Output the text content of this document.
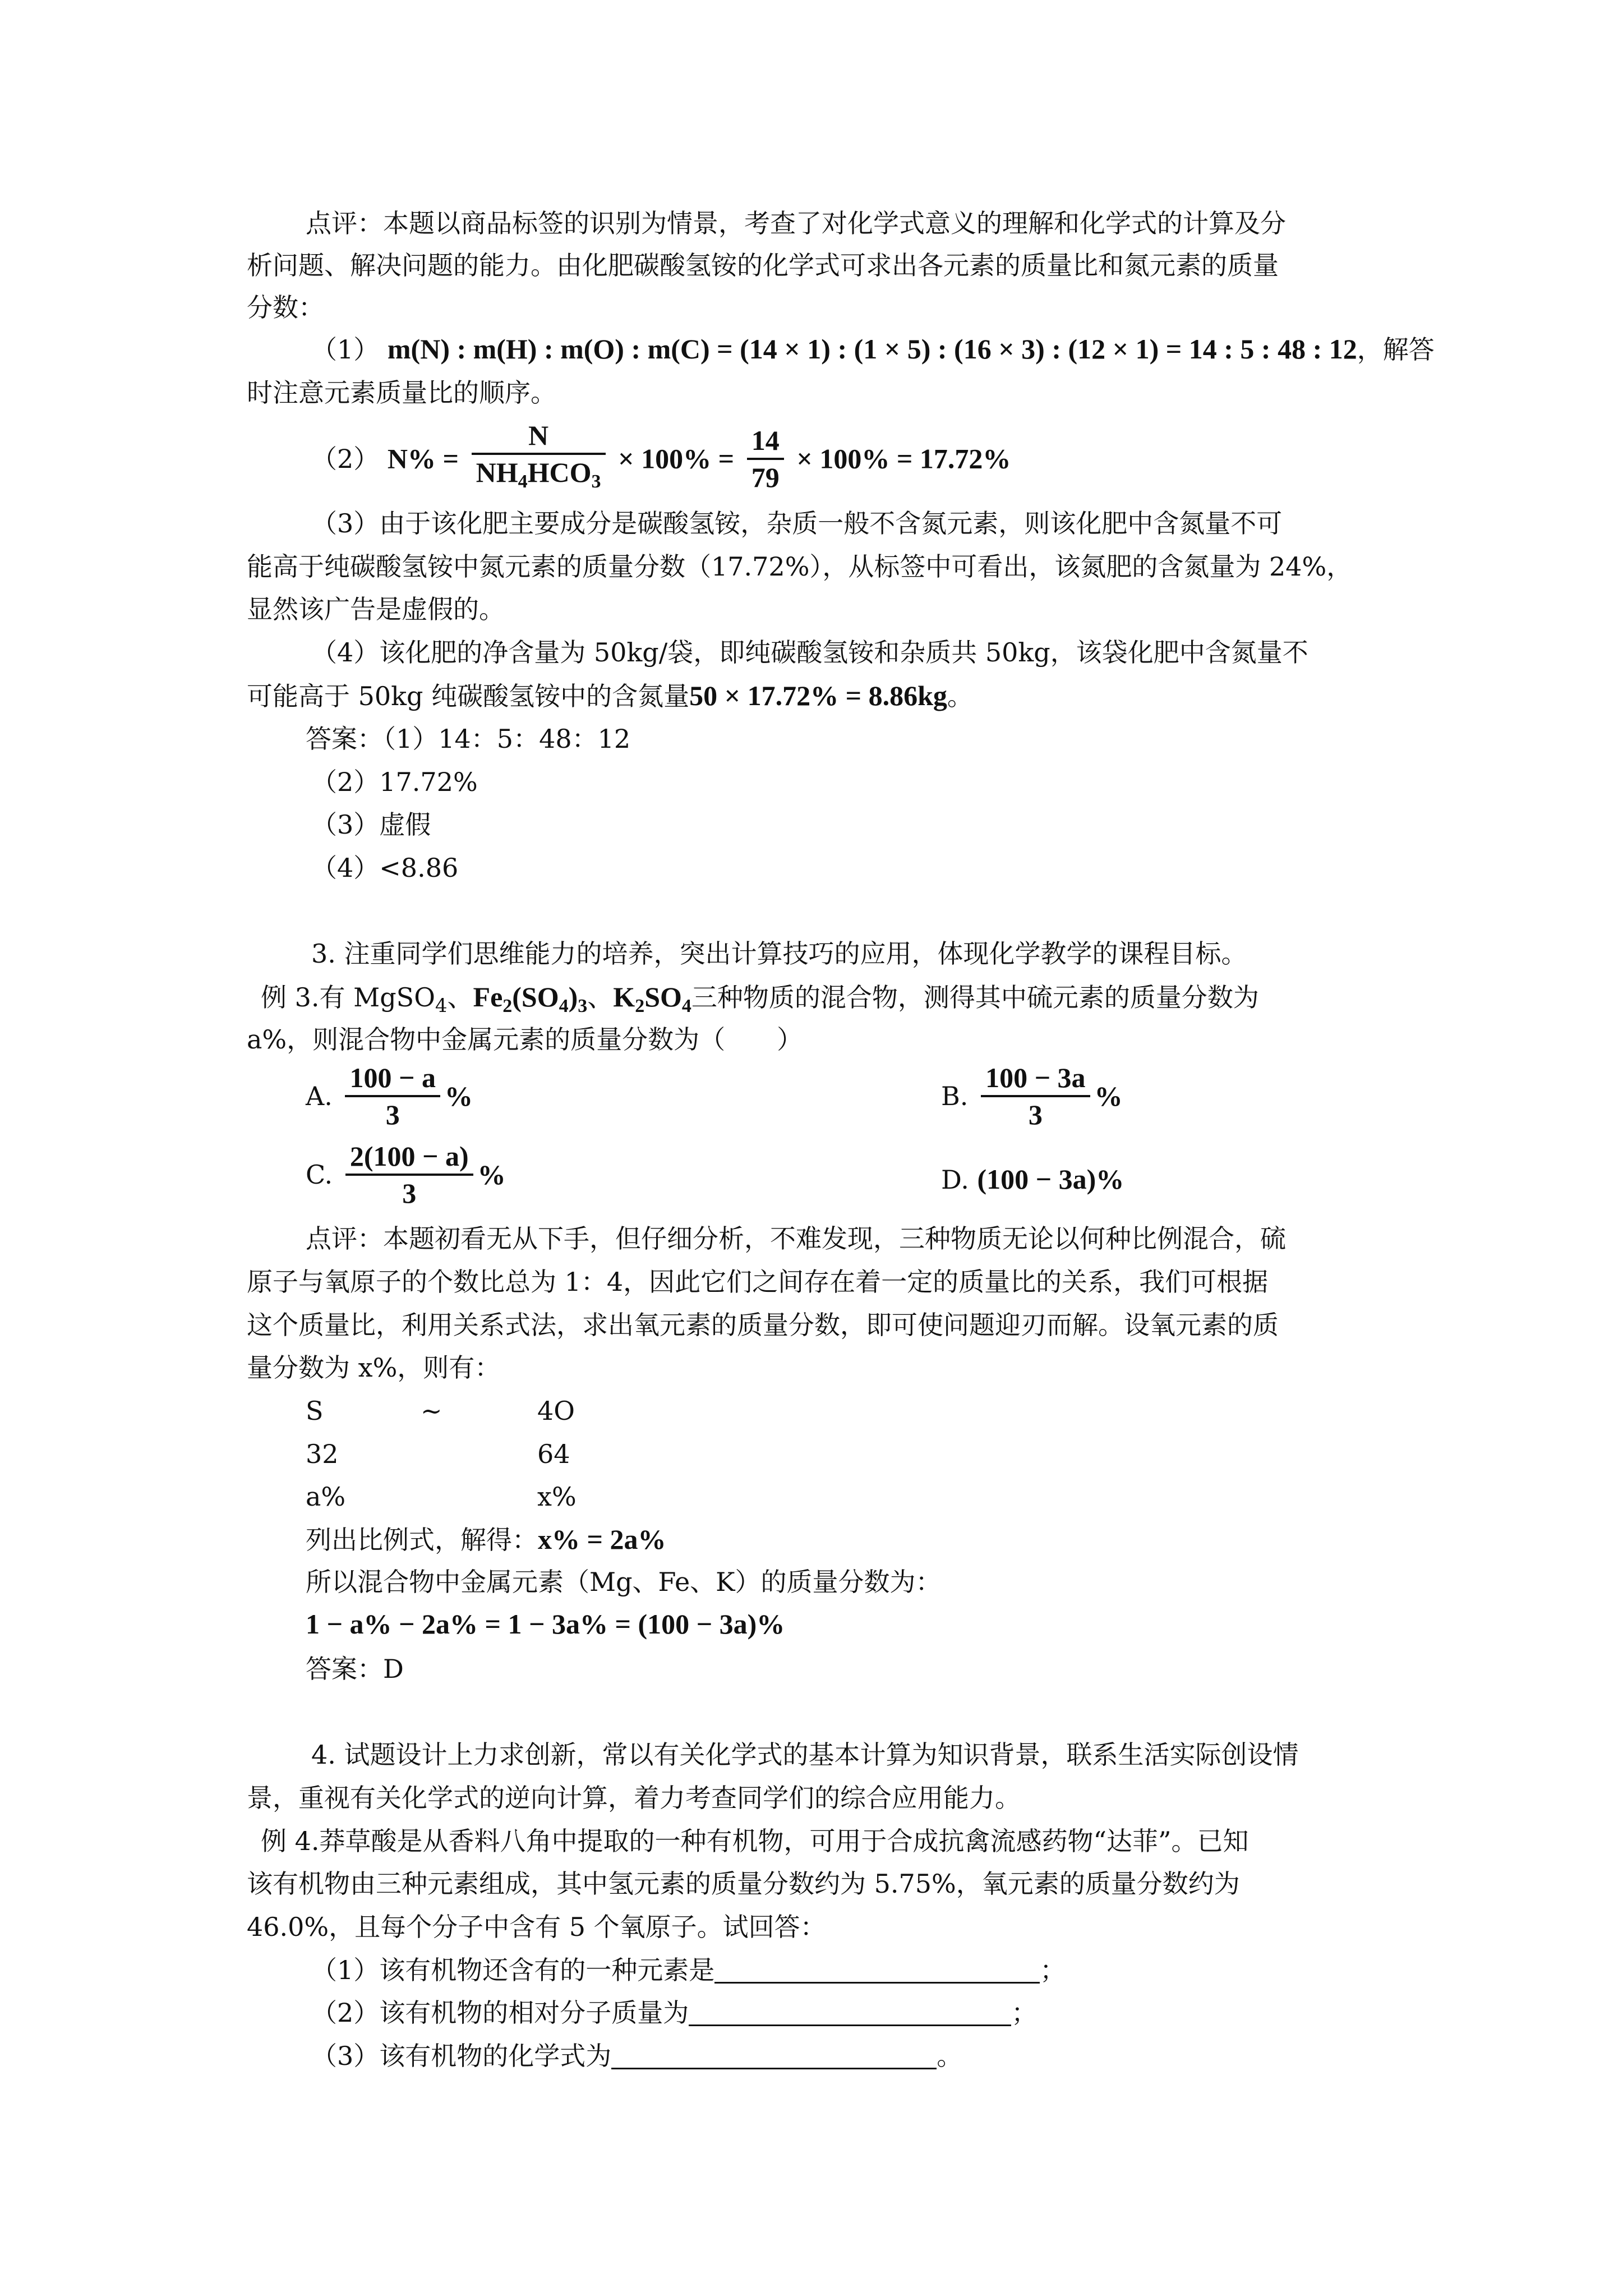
点评：本题以商品标签的识别为情景，考查了对化学式意义的理解和化学式的计算及分
析问题、解决问题的能力。由化肥碳酸氢铵的化学式可求出各元素的质量比和氮元素的质量
分数：
（1） m(N) : m(H) : m(O) : m(C) = (14 × 1) : (1 × 5) : (16 × 3) : (12 × 1) = 14 : 5 : 48 : 12，解答
时注意元素质量比的顺序。
（2） $N\% = \frac{N}{NH_4HCO_3} \times 100\% = \frac{14}{79} \times 100\% = 17.72\%$
（3）由于该化肥主要成分是碳酸氢铵，杂质一般不含氮元素，则该化肥中含氮量不可
能高于纯碳酸氢铵中氮元素的质量分数（17.72%），从标签中可看出，该氮肥的含氮量为 24%，
显然该广告是虚假的。
（4）该化肥的净含量为 50kg/袋，即纯碳酸氢铵和杂质共 50kg，该袋化肥中含氮量不
可能高于 50kg 纯碳酸氢铵中的含氮量50 × 17.72% = 8.86kg。
答案：（1）14：5：48：12
（2）17.72%
（3）虚假
（4）<8.86
3. 注重同学们思维能力的培养，突出计算技巧的应用，体现化学教学的课程目标。
例 3.有 MgSO$_4$、$Fe_2(SO_4)_3$、$K_2SO_4$三种物质的混合物，测得其中硫元素的质量分数为
a%，则混合物中金属元素的质量分数为（　　）
A. $\frac{100 - a}{3}$ %	B. $\frac{100 - 3a}{3}$ %
C. $\frac{2(100 - a)}{3}$ %	D. (100 − 3a)%
点评：本题初看无从下手，但仔细分析，不难发现，三种物质无论以何种比例混合，硫
原子与氧原子的个数比总为 1：4，因此它们之间存在着一定的质量比的关系，我们可根据
这个质量比，利用关系式法，求出氧元素的质量分数，即可使问题迎刃而解。设氧元素的质
量分数为 x%，则有：
S	~	4O
32	64
a%	x%
列出比例式，解得：x% = 2a%
所以混合物中金属元素（Mg、Fe、K）的质量分数为：
1 − a% − 2a% = 1 − 3a% = (100 − 3a)%
答案：D
4. 试题设计上力求创新，常以有关化学式的基本计算为知识背景，联系生活实际创设情
景，重视有关化学式的逆向计算，着力考查同学们的综合应用能力。
例 4.莽草酸是从香料八角中提取的一种有机物，可用于合成抗禽流感药物“达菲”。已知
该有机物由三种元素组成，其中氢元素的质量分数约为 5.75%，氧元素的质量分数约为
46.0%，且每个分子中含有 5 个氧原子。试回答：
（1）该有机物还含有的一种元素是	；
（2）该有机物的相对分子质量为	；
（3）该有机物的化学式为	。
